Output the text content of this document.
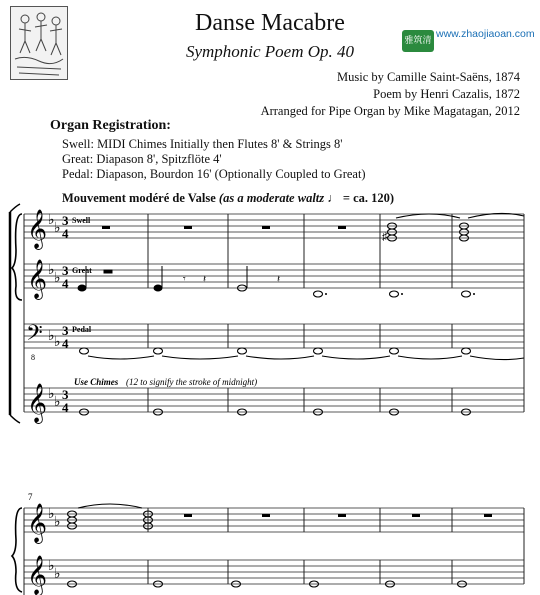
雅筑清新
www.zhaojiaoan.com
Danse Macabre
Symphonic Poem Op. 40
Music by Camille Saint-Saëns, 1874
Poem by Henri Cazalis, 1872
Arranged for Pipe Organ by Mike Magatagan, 2012
Organ Registration:
Swell: MIDI Chimes Initially then Flutes 8' & Strings 8'
Great: Diapason 8', Spitzflöte 4'
Pedal: Diapason, Bourdon 16' (Optionally Coupled to Great)
Mouvement modéré de Valse (as a moderate waltz ♩ = ca. 120)
𝄞
𝄞
𝄢
𝄞
8
♭
♭
♭
♭
♭ ♭
♭
♭
3
4
3
4
3
4
3
4
Swell
Great
Pedal
♯
𝄾 𝄽	𝄽
Use Chimes (12 to signify the stroke of midnight)
7
𝄞
𝄞
♭
♭
♭
♭
